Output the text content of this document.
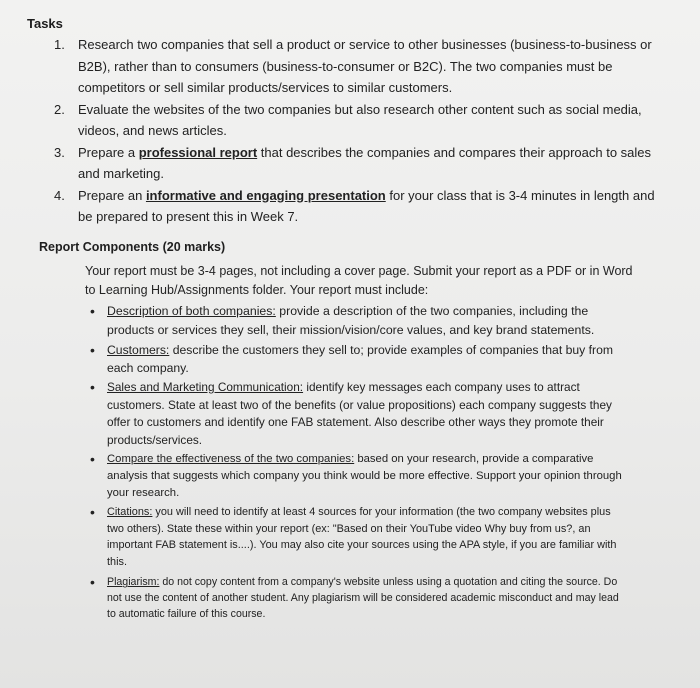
Tasks
1. Research two companies that sell a product or service to other businesses (business-to-business or B2B), rather than to consumers (business-to-consumer or B2C). The two companies must be competitors or sell similar products/services to similar customers.
2. Evaluate the websites of the two companies but also research other content such as social media, videos, and news articles.
3. Prepare a professional report that describes the companies and compares their approach to sales and marketing.
4. Prepare an informative and engaging presentation for your class that is 3-4 minutes in length and be prepared to present this in Week 7.
Report Components (20 marks)
Your report must be 3-4 pages, not including a cover page. Submit your report as a PDF or in Word to Learning Hub/Assignments folder. Your report must include:
• Description of both companies: provide a description of the two companies, including the products or services they sell, their mission/vision/core values, and key brand statements.
• Customers: describe the customers they sell to; provide examples of companies that buy from each company.
• Sales and Marketing Communication: identify key messages each company uses to attract customers. State at least two of the benefits (or value propositions) each company suggests they offer to customers and identify one FAB statement. Also describe other ways they promote their products/services.
• Compare the effectiveness of the two companies: based on your research, provide a comparative analysis that suggests which company you think would be more effective. Support your opinion through your research.
• Citations: you will need to identify at least 4 sources for your information (the two company websites plus two others). State these within your report (ex: "Based on their YouTube video Why buy from us?, an important FAB statement is....). You may also cite your sources using the APA style, if you are familiar with this.
• Plagiarism: do not copy content from a company's website unless using a quotation and citing the source. Do not use the content of another student. Any plagiarism will be considered academic misconduct and may lead to automatic failure of this course.
